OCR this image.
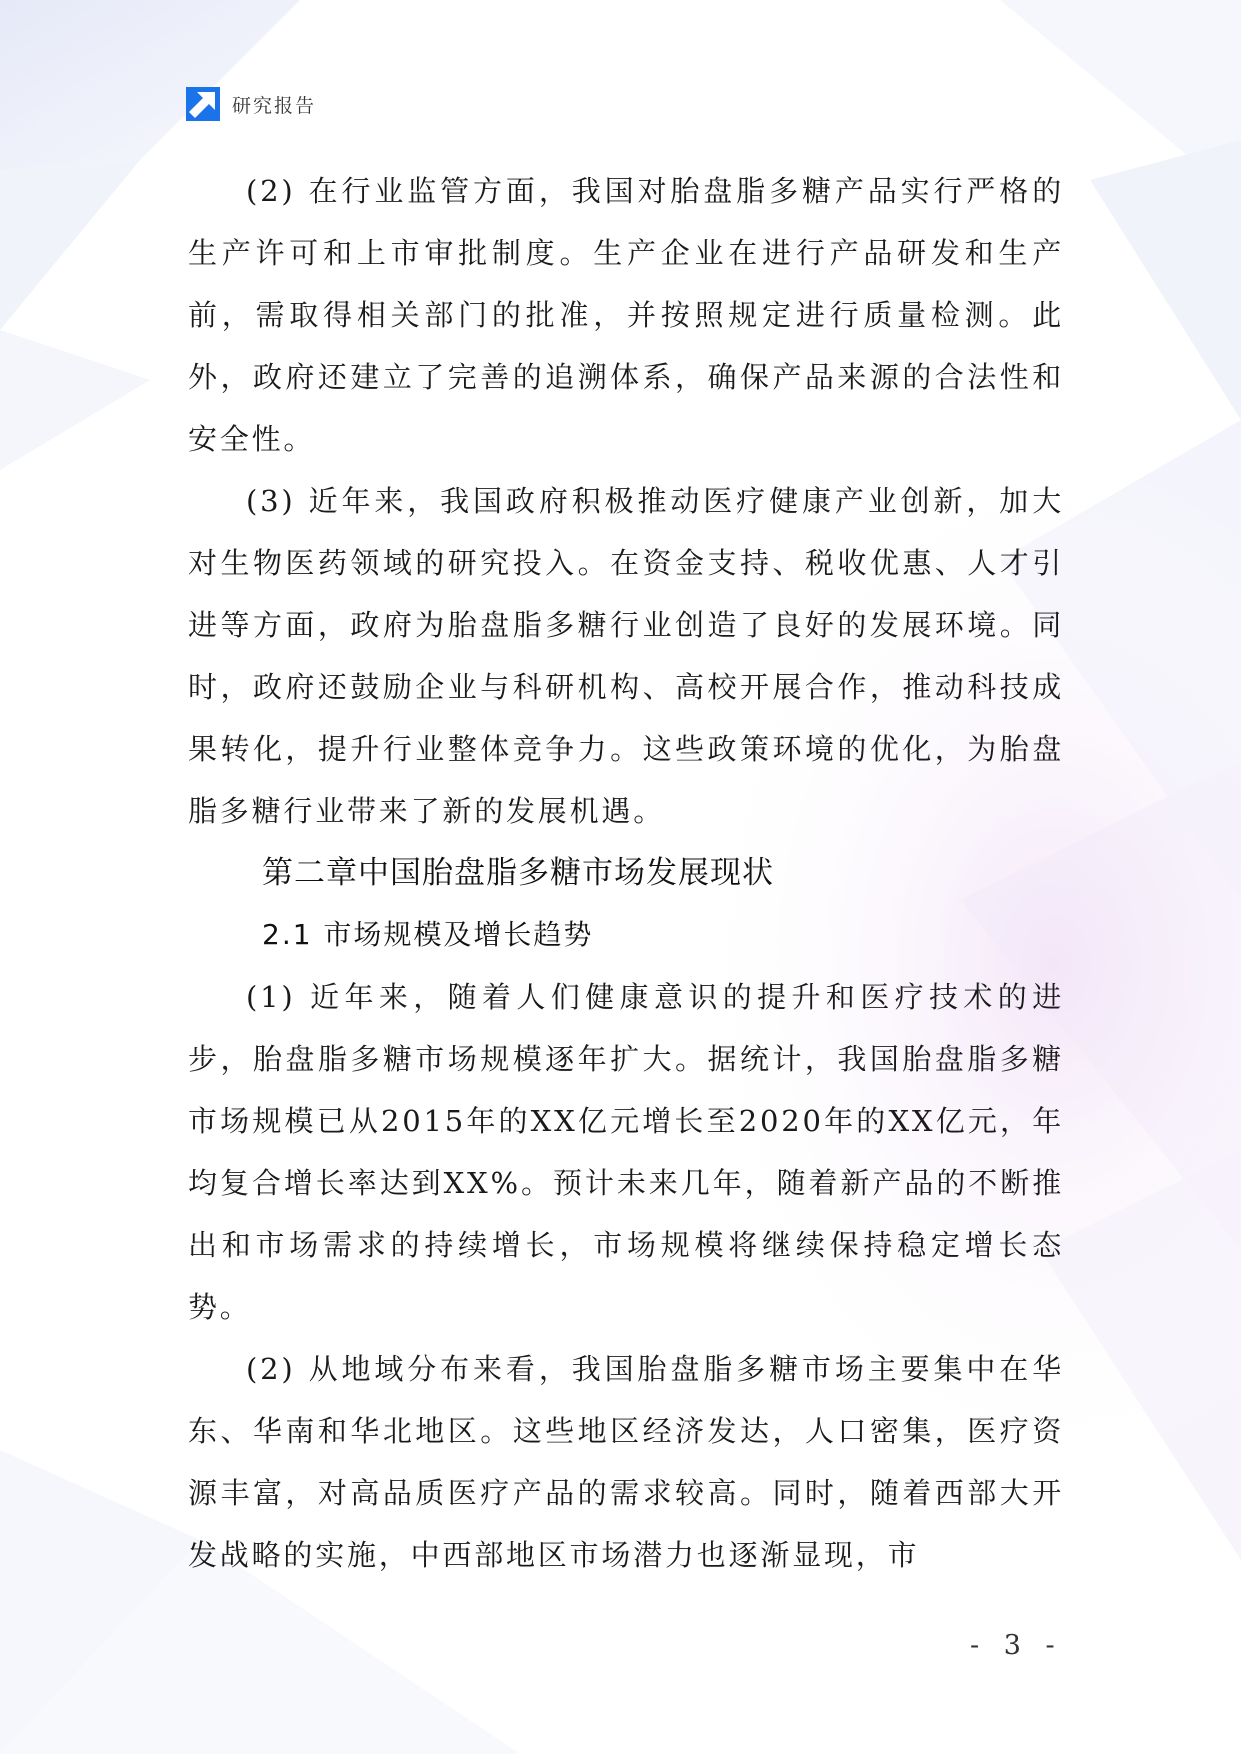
研究报告

(2) 在行业监管方面，我国对胎盘脂多糖产品实行严格的生产许可和上市审批制度。生产企业在进行产品研发和生产前，需取得相关部门的批准，并按照规定进行质量检测。此外，政府还建立了完善的追溯体系，确保产品来源的合法性和安全性。

(3) 近年来，我国政府积极推动医疗健康产业创新，加大对生物医药领域的研究投入。在资金支持、税收优惠、人才引进等方面，政府为胎盘脂多糖行业创造了良好的发展环境。同时，政府还鼓励企业与科研机构、高校开展合作，推动科技成果转化，提升行业整体竞争力。这些政策环境的优化，为胎盘脂多糖行业带来了新的发展机遇。

第二章中国胎盘脂多糖市场发展现状
2.1 市场规模及增长趋势

(1) 近年来，随着人们健康意识的提升和医疗技术的进步，胎盘脂多糖市场规模逐年扩大。据统计，我国胎盘脂多糖市场规模已从2015年的XX亿元增长至2020年的XX亿元，年均复合增长率达到XX%。预计未来几年，随着新产品的不断推出和市场需求的持续增长，市场规模将继续保持稳定增长态势。

(2) 从地域分布来看，我国胎盘脂多糖市场主要集中在华东、华南和华北地区。这些地区经济发达，人口密集，医疗资源丰富，对高品质医疗产品的需求较高。同时，随着西部大开发战略的实施，中西部地区市场潜力也逐渐显现，市

- 3 -
